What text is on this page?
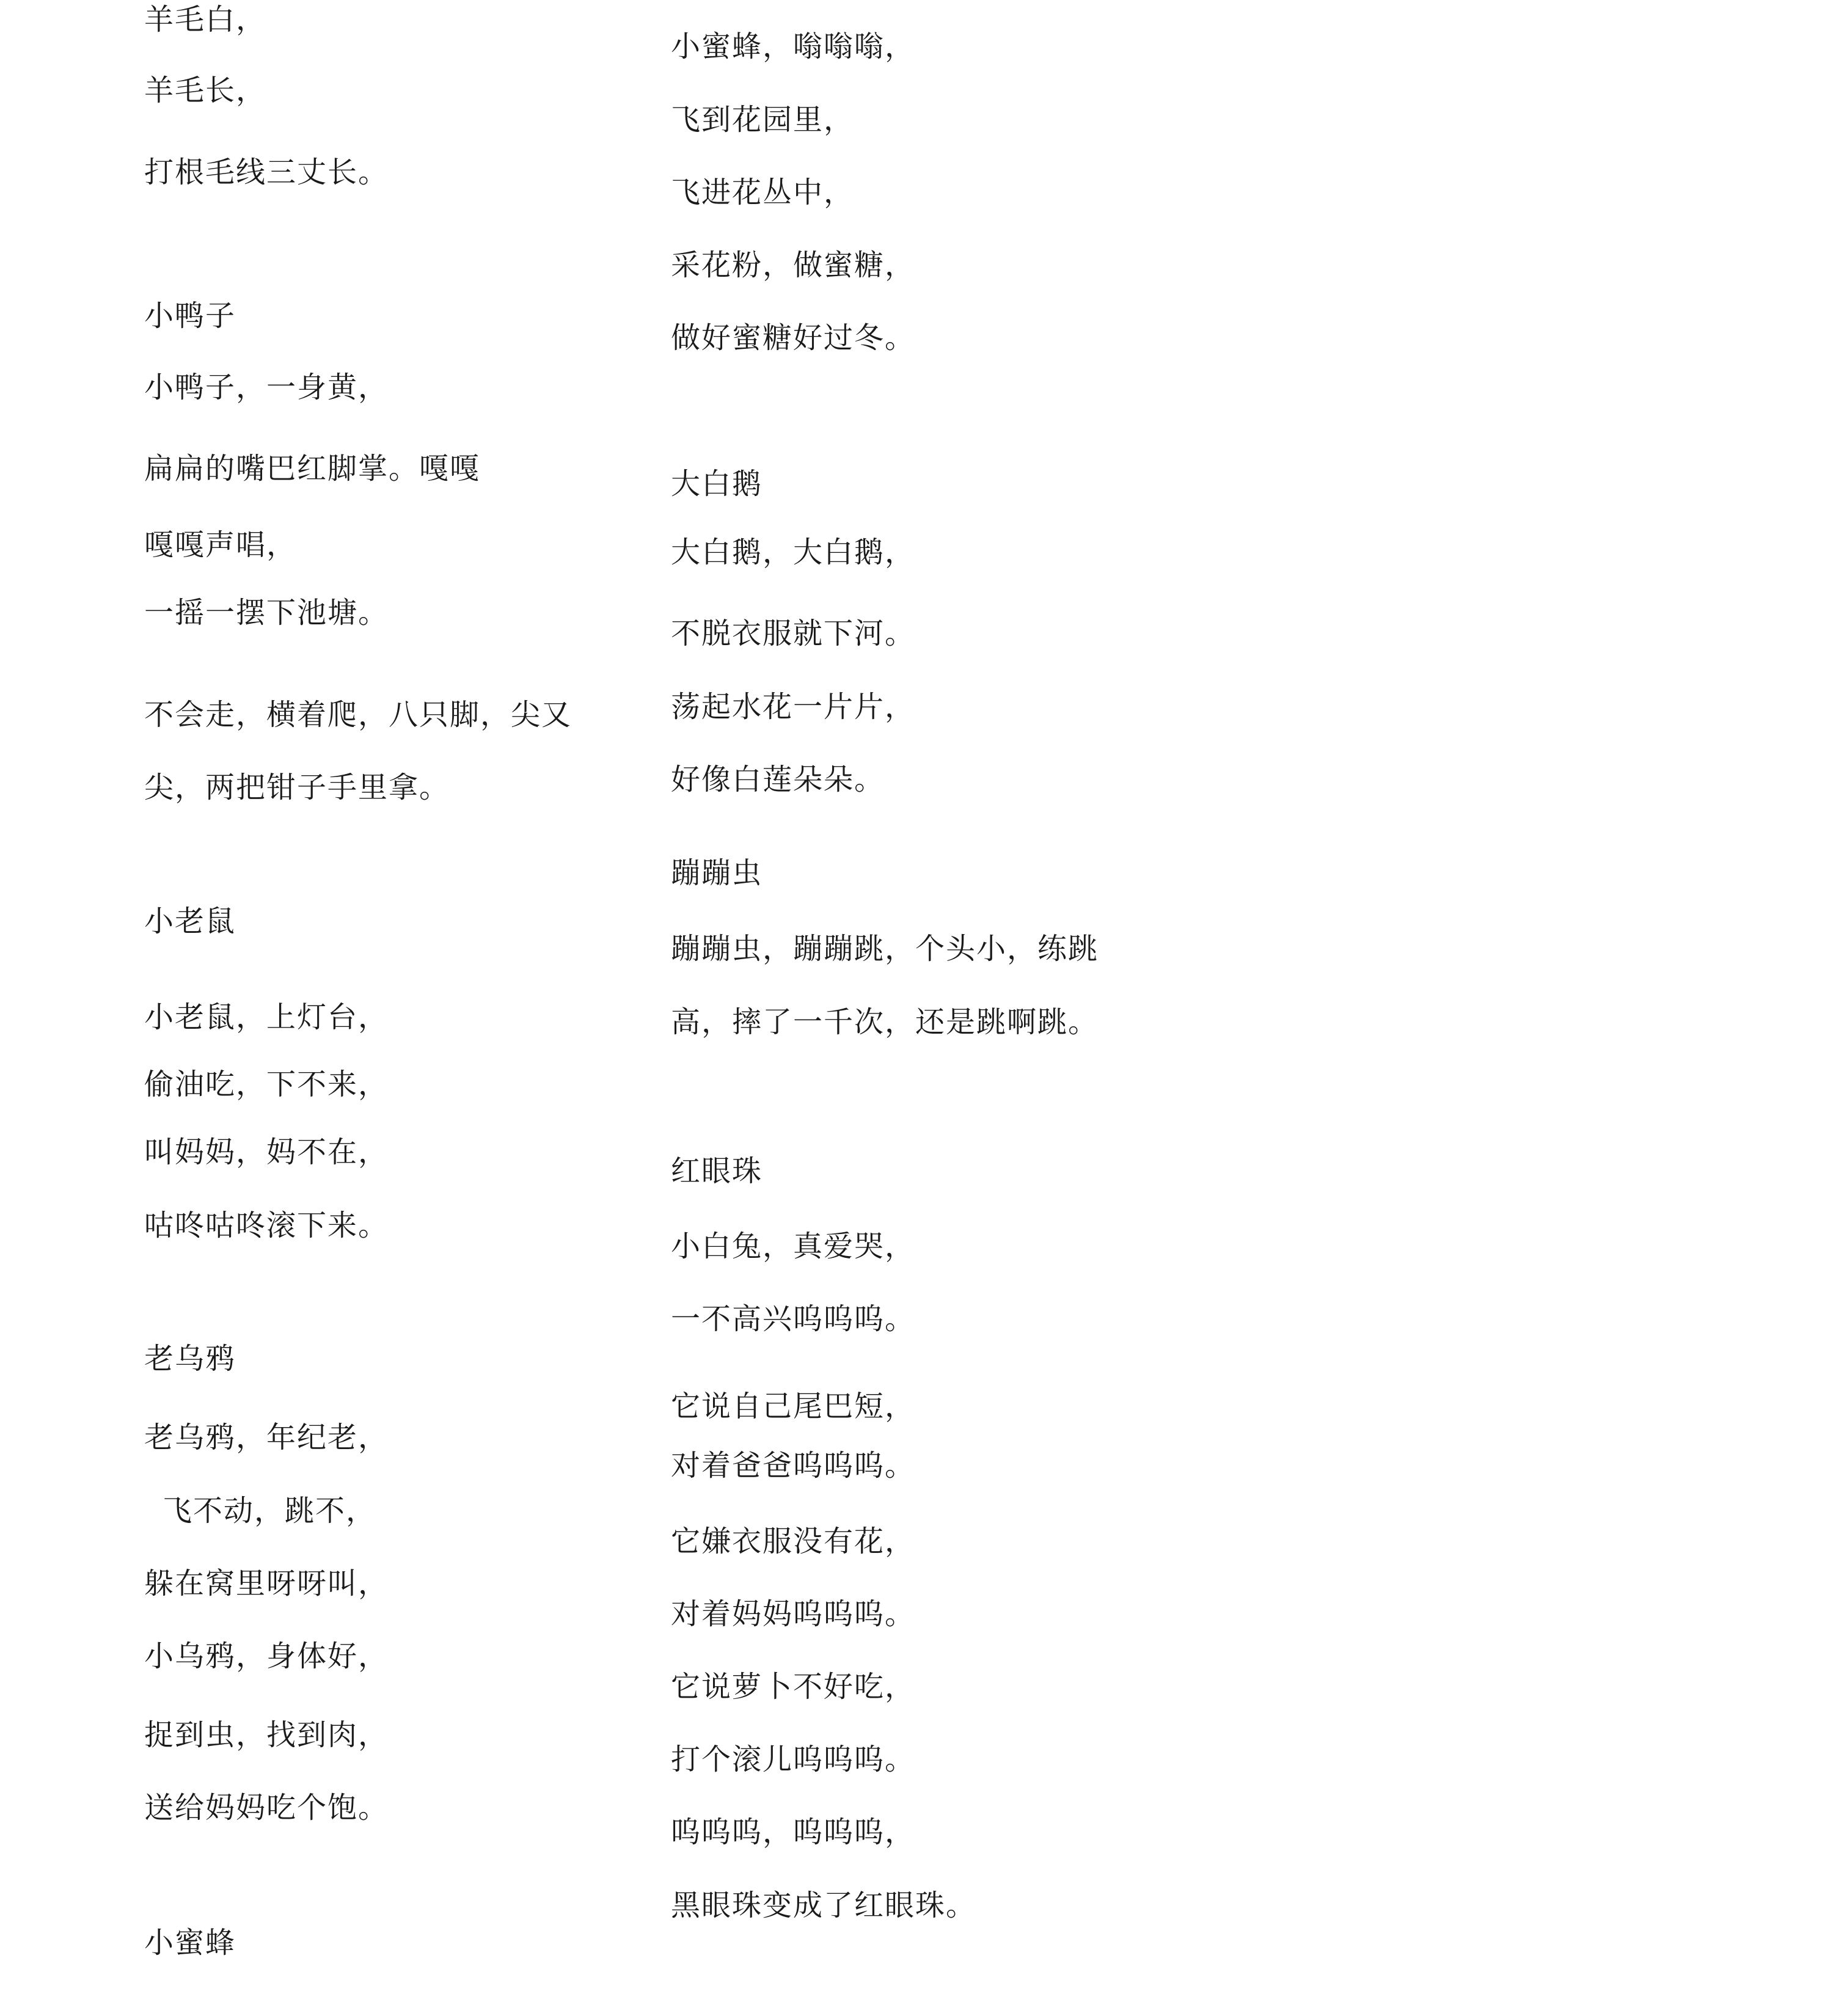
羊毛白，
羊毛长，
打根毛线三丈长。
小鸭子
小鸭子，一身黄，
扁扁的嘴巴红脚掌。嘎嘎
嘎嘎声唱，
一摇一摆下池塘。
不会走，横着爬，八只脚，尖又
尖，两把钳子手里拿。
小老鼠
小老鼠，上灯台，
偷油吃，下不来，
叫妈妈，妈不在，
咕咚咕咚滚下来。
老乌鸦
老乌鸦，年纪老，
飞不动，跳不，
躲在窝里呀呀叫，
小乌鸦，身体好，
捉到虫，找到肉，
送给妈妈吃个饱。
小蜜蜂
小蜜蜂，嗡嗡嗡，
飞到花园里，
飞进花丛中，
采花粉，做蜜糖，
做好蜜糖好过冬。
大白鹅
大白鹅，大白鹅，
不脱衣服就下河。
荡起水花一片片，
好像白莲朵朵。
蹦蹦虫
蹦蹦虫，蹦蹦跳，个头小，练跳
高，摔了一千次，还是跳啊跳。
红眼珠
小白兔，真爱哭，
一不高兴呜呜呜。
它说自己尾巴短，
对着爸爸呜呜呜。
它嫌衣服没有花，
对着妈妈呜呜呜。
它说萝卜不好吃，
打个滚儿呜呜呜。
呜呜呜，呜呜呜，
黑眼珠变成了红眼珠。
